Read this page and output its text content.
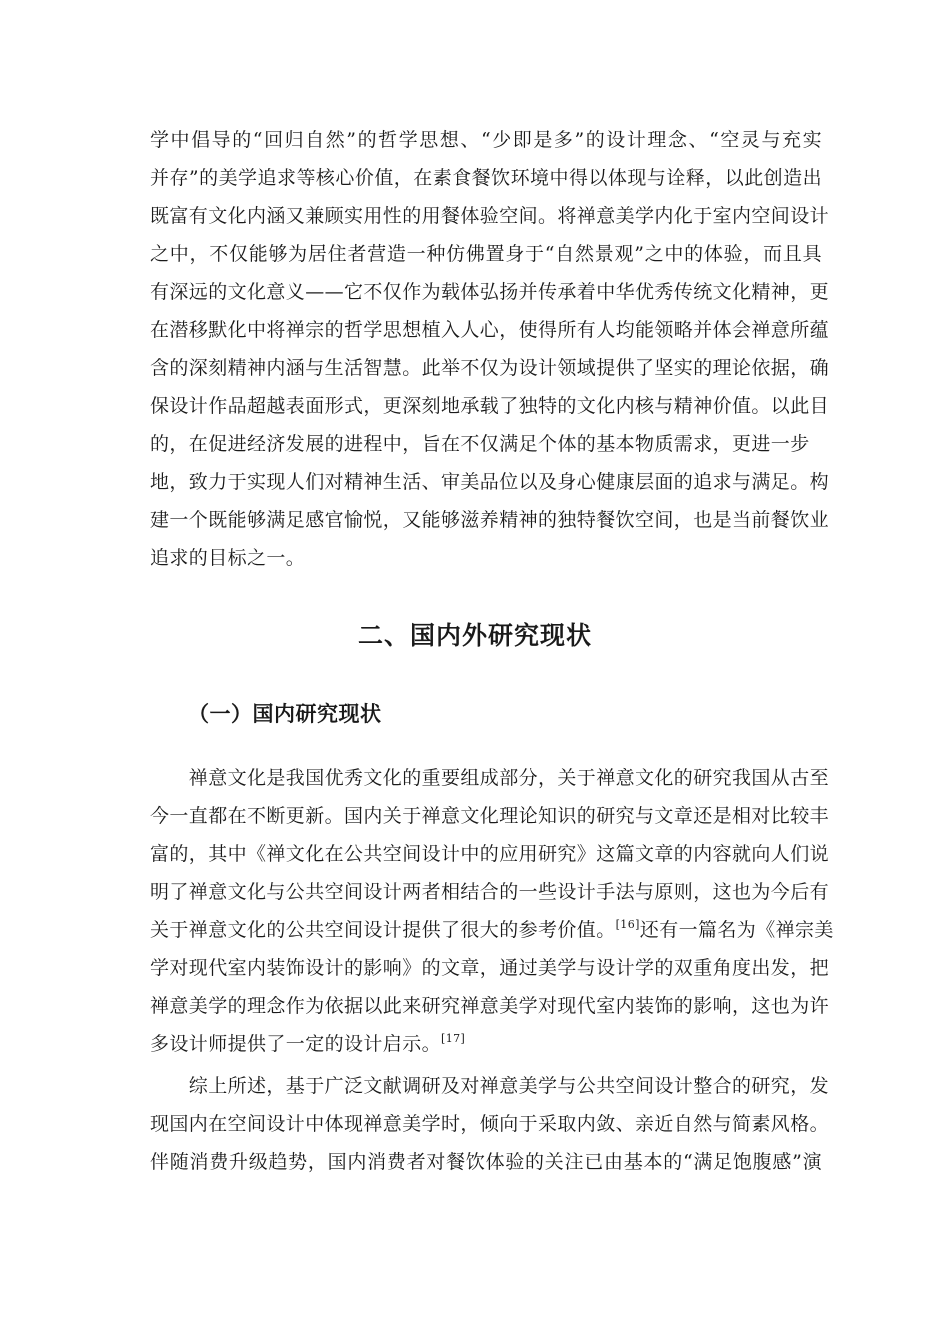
学中倡导的“回归自然”的哲学思想、“少即是多”的设计理念、“空灵与充实
并存”的美学追求等核心价值，在素食餐饮环境中得以体现与诠释，以此创造出
既富有文化内涵又兼顾实用性的用餐体验空间。将禅意美学内化于室内空间设计
之中，不仅能够为居住者营造一种仿佛置身于“自然景观”之中的体验，而且具
有深远的文化意义——它不仅作为载体弘扬并传承着中华优秀传统文化精神，更
在潜移默化中将禅宗的哲学思想植入人心，使得所有人均能领略并体会禅意所蕴
含的深刻精神内涵与生活智慧。此举不仅为设计领域提供了坚实的理论依据，确
保设计作品超越表面形式，更深刻地承载了独特的文化内核与精神价值。以此目
的，在促进经济发展的进程中，旨在不仅满足个体的基本物质需求，更进一步
地，致力于实现人们对精神生活、审美品位以及身心健康层面的追求与满足。构
建一个既能够满足感官愉悦，又能够滋养精神的独特餐饮空间，也是当前餐饮业
追求的目标之一。
二、国内外研究现状
（一）国内研究现状
　　禅意文化是我国优秀文化的重要组成部分，关于禅意文化的研究我国从古至
今一直都在不断更新。国内关于禅意文化理论知识的研究与文章还是相对比较丰
富的，其中《禅文化在公共空间设计中的应用研究》这篇文章的内容就向人们说
明了禅意文化与公共空间设计两者相结合的一些设计手法与原则，这也为今后有
关于禅意文化的公共空间设计提供了很大的参考价值。[16]还有一篇名为《禅宗美
学对现代室内装饰设计的影响》的文章，通过美学与设计学的双重角度出发，把
禅意美学的理念作为依据以此来研究禅意美学对现代室内装饰的影响，这也为许
多设计师提供了一定的设计启示。[17]
　　综上所述，基于广泛文献调研及对禅意美学与公共空间设计整合的研究，发
现国内在空间设计中体现禅意美学时，倾向于采取内敛、亲近自然与简素风格。
伴随消费升级趋势，国内消费者对餐饮体验的关注已由基本的“满足饱腹感”演
